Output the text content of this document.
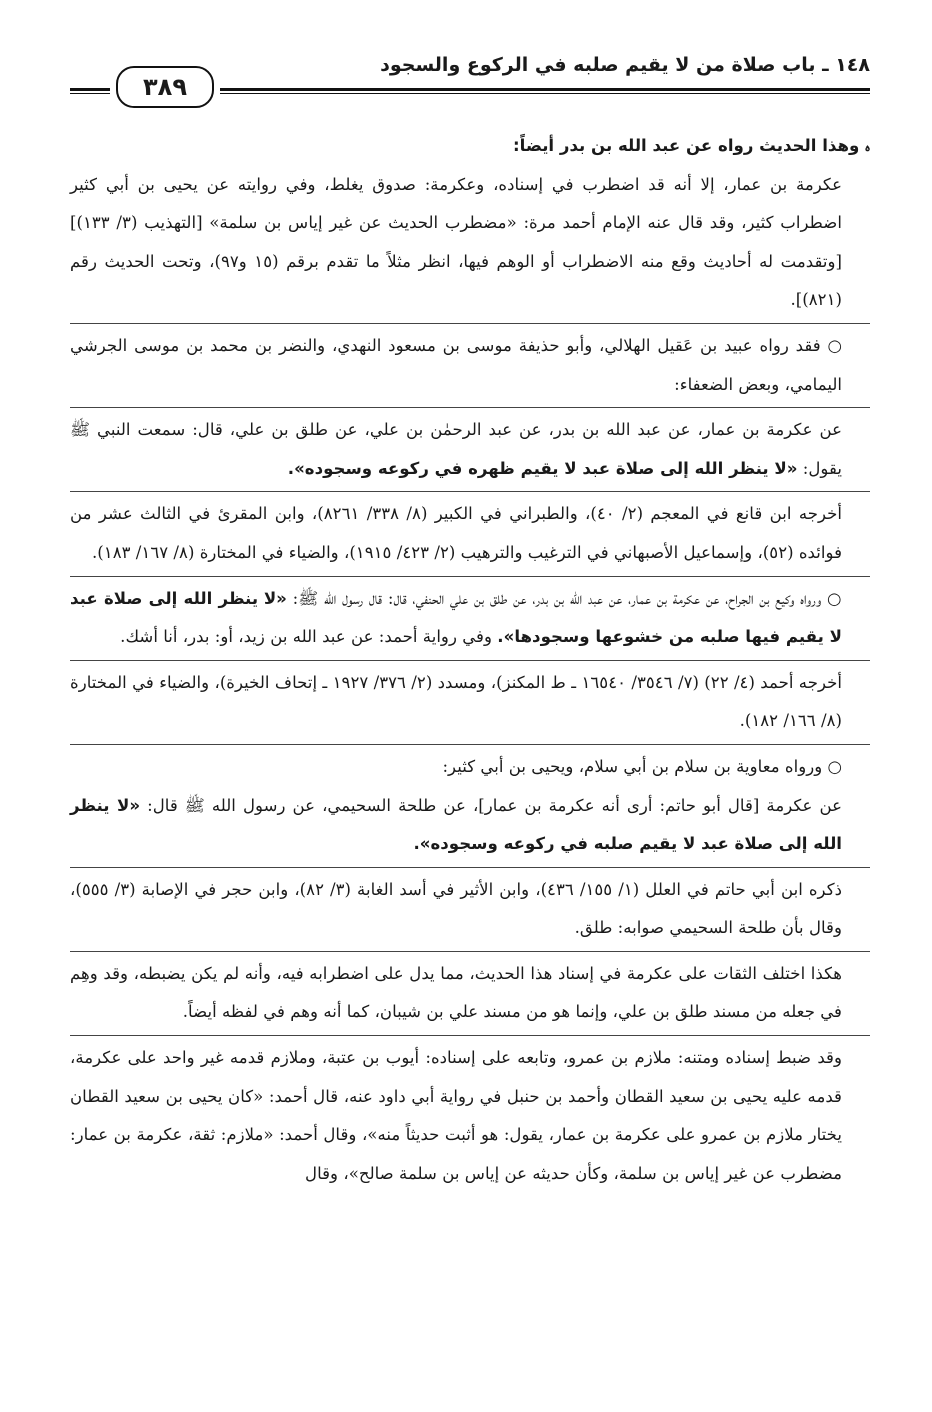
١٤٨ ـ باب صلاة من لا يقيم صلبه في الركوع والسجود
٣٨٩

ﮦ وهذا الحديث رواه عن عبد الله بن بدر أيضاً:

عكرمة بن عمار، إلا أنه قد اضطرب في إسناده، وعكرمة: صدوق يغلط، وفي روايته عن يحيى بن أبي كثير اضطراب كثير، وقد قال عنه الإمام أحمد مرة: «مضطرب الحديث عن غير إياس بن سلمة» [التهذيب (٣/ ١٣٣)] [وتقدمت له أحاديث وقع منه الاضطراب أو الوهم فيها، انظر مثلاً ما تقدم برقم (١٥ و٩٧)، وتحت الحديث رقم (٨٢١)].

○ فقد رواه عبيد بن عَقيل الهلالي، وأبو حذيفة موسى بن مسعود النهدي، والنضر بن محمد بن موسى الجرشي اليمامي، وبعض الضعفاء:

عن عكرمة بن عمار، عن عبد الله بن بدر، عن عبد الرحمٰن بن علي، عن طلق بن علي، قال: سمعت النبي ﷺ يقول: «لا ينظر الله إلى صلاة عبد لا يقيم ظهره في ركوعه وسجوده».

أخرجه ابن قانع في المعجم (٢/ ٤٠)، والطبراني في الكبير (٨/ ٣٣٨/ ٨٢٦١)، وابن المقرئ في الثالث عشر من فوائده (٥٢)، وإسماعيل الأصبهاني في الترغيب والترهيب (٢/ ٤٢٣/ ١٩١٥)، والضياء في المختارة (٨/ ١٦٧/ ١٨٣).

○ ورواه وكيع بن الجراح، عن عكرمة بن عمار، عن عبد الله بن بدر، عن طلق بن علي الحنفي، قال: قال رسول الله ﷺ: «لا ينظر الله إلى صلاة عبد لا يقيم فيها صلبه من خشوعها وسجودها». وفي رواية أحمد: عن عبد الله بن زيد، أو: بدر، أنا أشك.

أخرجه أحمد (٤/ ٢٢) (٧/ ٣٥٤٦/ ١٦٥٤٠ ـ ط المكنز)، ومسدد (٢/ ٣٧٦/ ١٩٢٧ ـ إتحاف الخيرة)، والضياء في المختارة (٨/ ١٦٦/ ١٨٢).

○ ورواه معاوية بن سلام بن أبي سلام، ويحيى بن أبي كثير:

عن عكرمة [قال أبو حاتم: أرى أنه عكرمة بن عمار]، عن طلحة السحيمي، عن رسول الله ﷺ قال: «لا ينظر الله إلى صلاة عبد لا يقيم صلبه في ركوعه وسجوده».

ذكره ابن أبي حاتم في العلل (١/ ١٥٥/ ٤٣٦)، وابن الأثير في أسد الغابة (٣/ ٨٢)، وابن حجر في الإصابة (٣/ ٥٥٥)، وقال بأن طلحة السحيمي صوابه: طلق.

هكذا اختلف الثقات على عكرمة في إسناد هذا الحديث، مما يدل على اضطرابه فيه، وأنه لم يكن يضبطه، وقد وهِم في جعله من مسند طلق بن علي، وإنما هو من مسند علي بن شيبان، كما أنه وهم في لفظه أيضاً.

وقد ضبط إسناده ومتنه: ملازم بن عمرو، وتابعه على إسناده: أيوب بن عتبة، وملازم قدمه غير واحد على عكرمة، قدمه عليه يحيى بن سعيد القطان وأحمد بن حنبل في رواية أبي داود عنه، قال أحمد: «كان يحيى بن سعيد القطان يختار ملازم بن عمرو على عكرمة بن عمار، يقول: هو أثبت حديثاً منه»، وقال أحمد: «ملازم: ثقة، عكرمة بن عمار: مضطرب عن غير إياس بن سلمة، وكأن حديثه عن إياس بن سلمة صالح»، وقال
